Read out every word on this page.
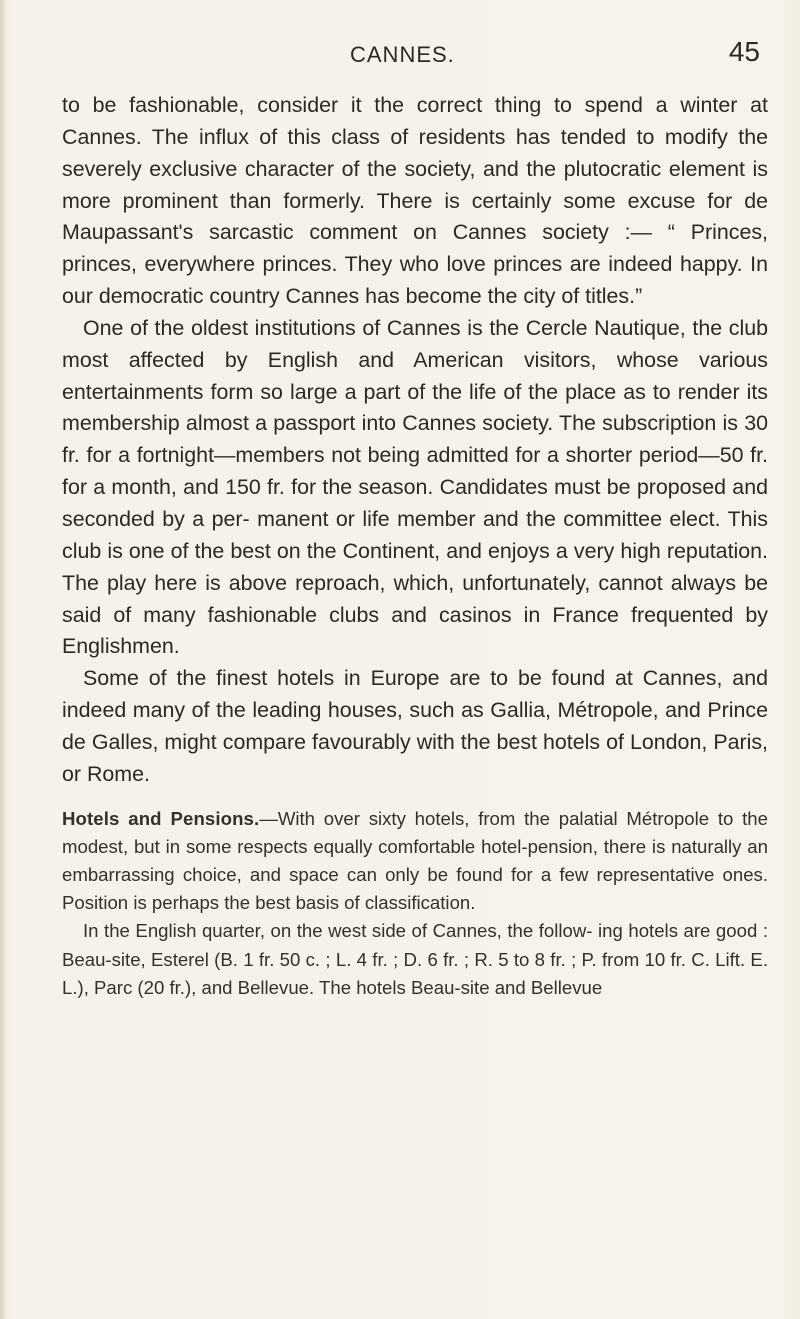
CANNES.	45

to be fashionable, consider it the correct thing to spend a winter at Cannes. The influx of this class of residents has tended to modify the severely exclusive character of the society, and the plutocratic element is more prominent than formerly. There is certainly some excuse for de Maupassant's sarcastic comment on Cannes society :— “ Princes, princes, everywhere princes. They who love princes are indeed happy. In our democratic country Cannes has become the city of titles.”

One of the oldest institutions of Cannes is the Cercle Nautique, the club most affected by English and American visitors, whose various entertainments form so large a part of the life of the place as to render its membership almost a passport into Cannes society. The subscription is 30 fr. for a fortnight—members not being admitted for a shorter period—50 fr. for a month, and 150 fr. for the season. Candidates must be proposed and seconded by a per- manent or life member and the committee elect. This club is one of the best on the Continent, and enjoys a very high reputation. The play here is above reproach, which, unfortunately, cannot always be said of many fashionable clubs and casinos in France frequented by Englishmen.

Some of the finest hotels in Europe are to be found at Cannes, and indeed many of the leading houses, such as Gallia, Métropole, and Prince de Galles, might compare favourably with the best hotels of London, Paris, or Rome.

Hotels and Pensions.—With over sixty hotels, from the palatial Métropole to the modest, but in some respects equally comfortable hotel-pension, there is naturally an embarrassing choice, and space can only be found for a few representative ones. Position is perhaps the best basis of classification.

In the English quarter, on the west side of Cannes, the follow- ing hotels are good : Beau-site, Esterel (B. 1 fr. 50 c. ; L. 4 fr. ; D. 6 fr. ; R. 5 to 8 fr. ; P. from 10 fr. C. Lift. E. L.), Parc (20 fr.), and Bellevue. The hotels Beau-site and Bellevue
